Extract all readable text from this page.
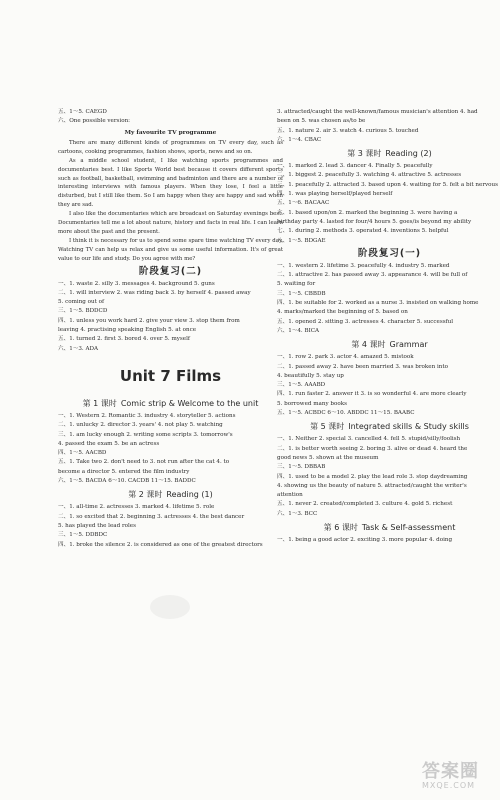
五、1～5. CAEGD
六、One possible version:
My favourite TV programme
There are many different kinds of programmes on TV every day, such as cartoons, cooking programmes, fashion shows, sports, news and so on.
As a middle school student, I like watching sports programmes and documentaries best. I like Sports World best because it covers different sports such as football, basketball, swimming and badminton and there are a number of interesting interviews with famous players. When they lose, I feel a little disturbed, but I still like them. So I am happy when they are happy and sad when they are sad.
I also like the documentaries which are broadcast on Saturday evenings best. Documentaries tell me a lot about nature, history and facts in real life. I can learn more about the past and the present.
I think it is necessary for us to spend some spare time watching TV every day. Watching TV can help us relax and give us some useful information. It's of great value to our life and study. Do you agree with me?
阶段复习(二)
一、1. waste 2. silly 3. messages 4. background 5. guns
二、1. will interview 2. was riding back 3. by herself 4. passed away
5. coming out of
三、1～5. BDDCD
四、1. unless you work hard 2. give your view 3. stop them from
leaving 4. practising speaking English 5. at once
五、1. turned 2. first 3. bored 4. over 5. myself
六、1～3. ADA
Unit 7 Films
第 1 课时 Comic strip & Welcome to the unit
一、1. Western 2. Romantic 3. industry 4. storyteller 5. actions
二、1. unlucky 2. director 3. years' 4. not play 5. watching
三、1. am lucky enough 2. writing some scripts 3. tomorrow's
4. passed the exam 5. be an actress
四、1～5. AACBD
五、1. Take two 2. don't need to 3. not run after the cat 4. to
become a director 5. entered the film industry
六、1～5. BACDA 6～10. CACDB 11～15. BADDC
第 2 课时 Reading (1)
一、1. all-time 2. actresses 3. marked 4. lifetime 5. role
二、1. so excited that 2. beginning 3. actresses 4. the best dancer
5. has played the lead roles
三、1～5. DDBDC
四、1. broke the silence 2. is considered as one of the greatest directors
3. attracted/caught the well-known/famous musician's attention 4. had
been on 5. was chosen as/to be
五、1. nature 2. air 3. watch 4. curious 5. touched
六、1～4. CBAC
第 3 课时 Reading (2)
一、1. marked 2. lead 3. dancer 4. Finally 5. peacefully
二、1. biggest 2. peacefully 3. watching 4. attractive 5. actresses
三、1. peacefully 2. attracted 3. based upon 4. waiting for 5. felt a bit nervous
四、1. was playing herself/played herself
五、1～6. BACAAC
六、1. based upon/on 2. marked the beginning 3. were having a
birthday party 4. lasted for four/4 hours 5. goes/is beyond my ability
七、1. during 2. methods 3. operated 4. inventions 5. helpful
八、1～5. BDGAE
阶段复习(一)
一、1. western 2. lifetime 3. peacefully 4. industry 5. marked
二、1. attractive 2. has passed away 3. appearance 4. will be full of
5. waiting for
三、1～5. CBBDB
四、1. be suitable for 2. worked as a nurse 3. insisted on walking home
4. marks/marked the beginning of 5. based on
五、1. opened 2. sitting 3. actresses 4. character 5. successful
六、1～4. BICA
第 4 课时 Grammar
一、1. row 2. park 3. actor 4. amazed 5. mistook
二、1. passed away 2. have been married 3. was broken into
4. beautifully 5. stay up
三、1～5. AAABD
四、1. run faster 2. answer it 3. is so wonderful 4. are more clearly
5. borrowed many books
五、1～5. ACBDC 6～10. ABDDC 11～15. BAABC
第 5 课时 Integrated skills & Study skills
一、1. Neither 2. special 3. cancelled 4. fell 5. stupid/silly/foolish
二、1. is better worth seeing 2. boring 3. alive or dead 4. heard the
good news 5. shown at the museum
三、1～5. DBBAB
四、1. used to be a model 2. play the lead role 3. stop daydreaming
4. showing us the beauty of nature 5. attracted/caught the writer's
attention
五、1. never 2. created/completed 3. culture 4. gold 5. richest
六、1～3. BCC
第 6 课时 Task & Self-assessment
一、1. being a good actor 2. exciting 3. more popular 4. doing
答案圈
MXQE.COM
